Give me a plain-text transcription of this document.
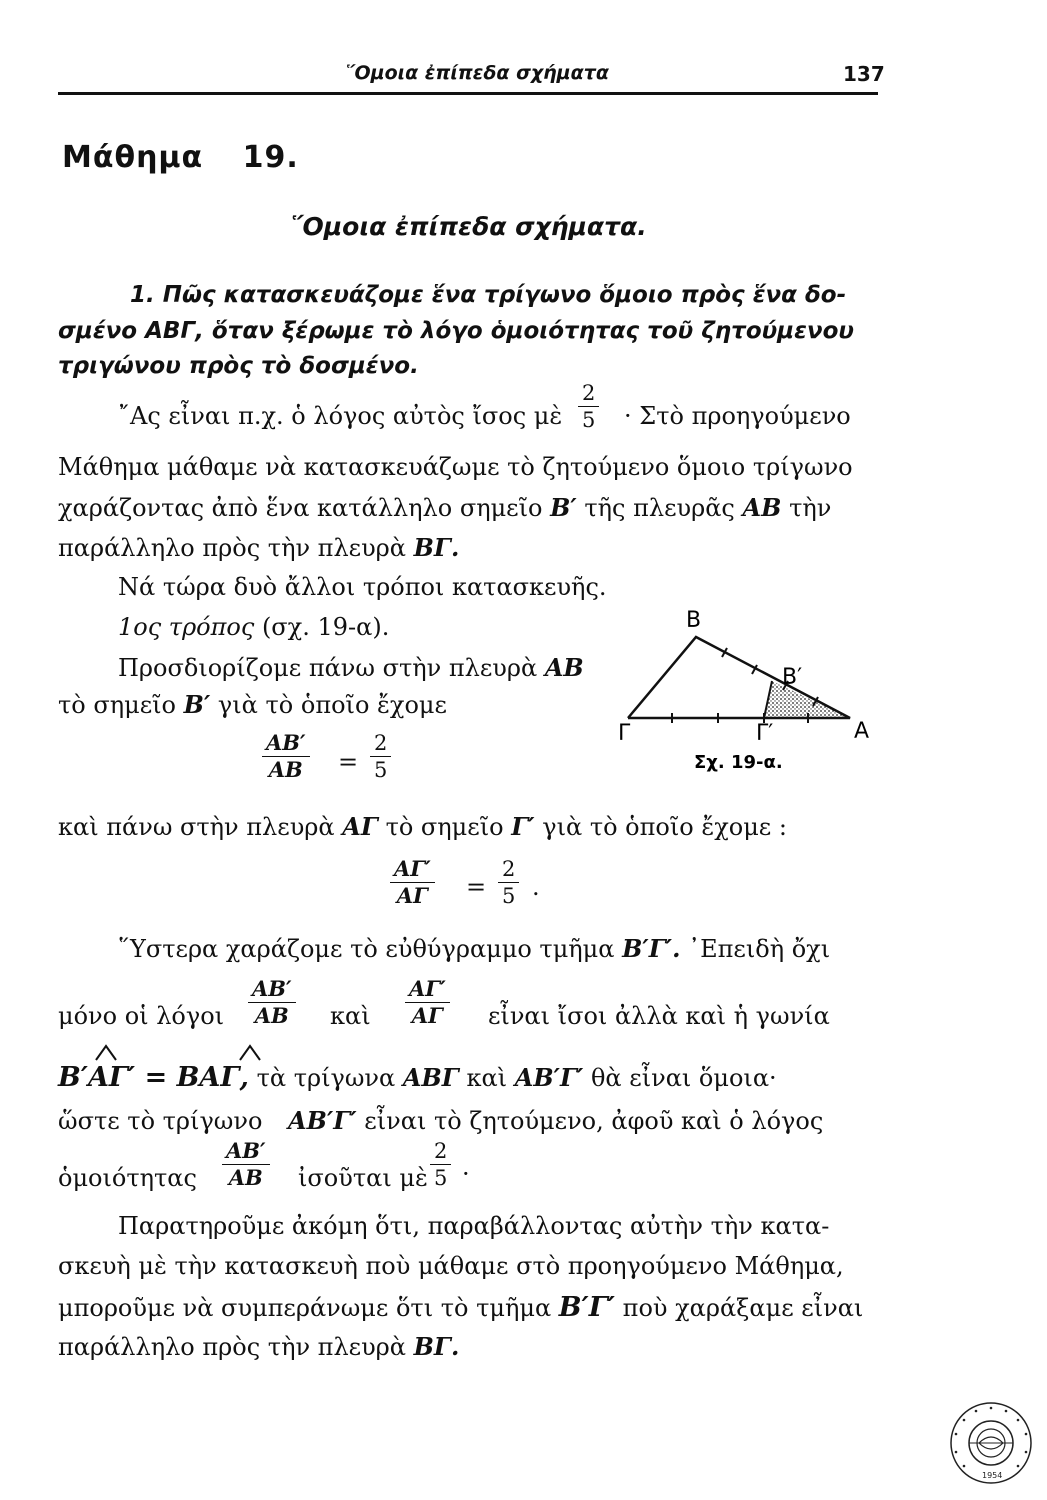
῞Ομοια ἐπίπεδα σχήματα	137
Μάθημα 19.
῞Ομοια ἐπίπεδα σχήματα.
1. Πῶς κατασκευάζομε ἕνα τρίγωνο ὅμοιο πρὸς ἕνα δο-
σμένο ΑΒΓ, ὅταν ξέρωμε τὸ λόγο ὁμοιότητας τοῦ ζητούμενου
τριγώνου πρὸς τὸ δοσμένο.
῎Ας εἶναι π.χ. ὁ λόγος αὐτὸς ἴσος μὲ
2
5 · Στὸ προηγούμενο
Μάθημα μάθαμε νὰ κατασκευάζωμε τὸ ζητούμενο ὅμοιο τρίγωνο
χαράζοντας ἀπὸ ἕνα κατάλληλο σημεῖο Β′ τῆς πλευρᾶς ΑΒ τὴν
παράλληλο πρὸς τὴν πλευρὰ ΒΓ.
Νά τώρα δυὸ ἄλλοι τρόποι κατασκευῆς.
1ος τρόπος (σχ. 19-α).
Προσδιορίζομε πάνω στὴν πλευρὰ ΑΒ
τὸ σημεῖο Β′ γιὰ τὸ ὁποῖο ἔχομε
ΑΒ′
ΑΒ =
2
5
Β
Β′
Γ	Γ′	Α
Σχ. 19-α.
καὶ πάνω στὴν πλευρὰ ΑΓ τὸ σημεῖο Γ′ γιὰ τὸ ὁποῖο ἔχομε :
ΑΓ′
ΑΓ =
2
5 .
῞Υστερα χαράζομε τὸ εὐθύγραμμο τμῆμα Β′Γ′. ᾿Επειδὴ ὄχι
μόνο οἱ λόγοι
ΑΒ′
ΑΒ καὶ
ΑΓ′
ΑΓ εἶναι ἴσοι ἀλλὰ καὶ ἡ γωνία
Β′ΑΓ′ = ΒΑΓ, τὰ τρίγωνα ΑΒΓ καὶ ΑΒ′Γ′ θὰ εἶναι ὅμοια·
ὥστε τὸ τρίγωνο ΑΒ′Γ′ εἶναι τὸ ζητούμενο, ἀφοῦ καὶ ὁ λόγος
ὁμοιότητας
ΑΒ′
ΑΒ ἰσοῦται μὲ
2
5 ·
Παρατηροῦμε ἀκόμη ὅτι, παραβάλλοντας αὐτὴν τὴν κατα-
σκευὴ μὲ τὴν κατασκευὴ ποὺ μάθαμε στὸ προηγούμενο Μάθημα,
μποροῦμε νὰ συμπεράνωμε ὅτι τὸ τμῆμα Β′Γ′ ποὺ χαράξαμε εἶναι
παράλληλο πρὸς τὴν πλευρὰ ΒΓ.
1954
